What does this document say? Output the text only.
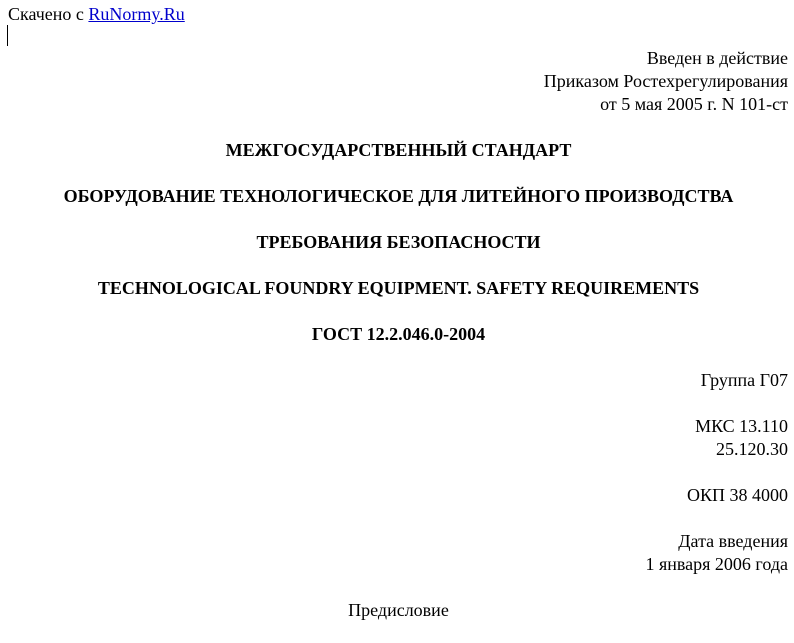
Скачено с RuNormy.Ru
Введен в действие
Приказом Ростехрегулирования
от 5 мая 2005 г. N 101-ст
МЕЖГОСУДАРСТВЕННЫЙ СТАНДАРТ
ОБОРУДОВАНИЕ ТЕХНОЛОГИЧЕСКОЕ ДЛЯ ЛИТЕЙНОГО ПРОИЗВОДСТВА
ТРЕБОВАНИЯ БЕЗОПАСНОСТИ
TECHNOLOGICAL FOUNDRY EQUIPMENT. SAFETY REQUIREMENTS
ГОСТ 12.2.046.0-2004
Группа Г07
МКС 13.110
25.120.30
ОКП 38 4000
Дата введения
1 января 2006 года
Предисловие
